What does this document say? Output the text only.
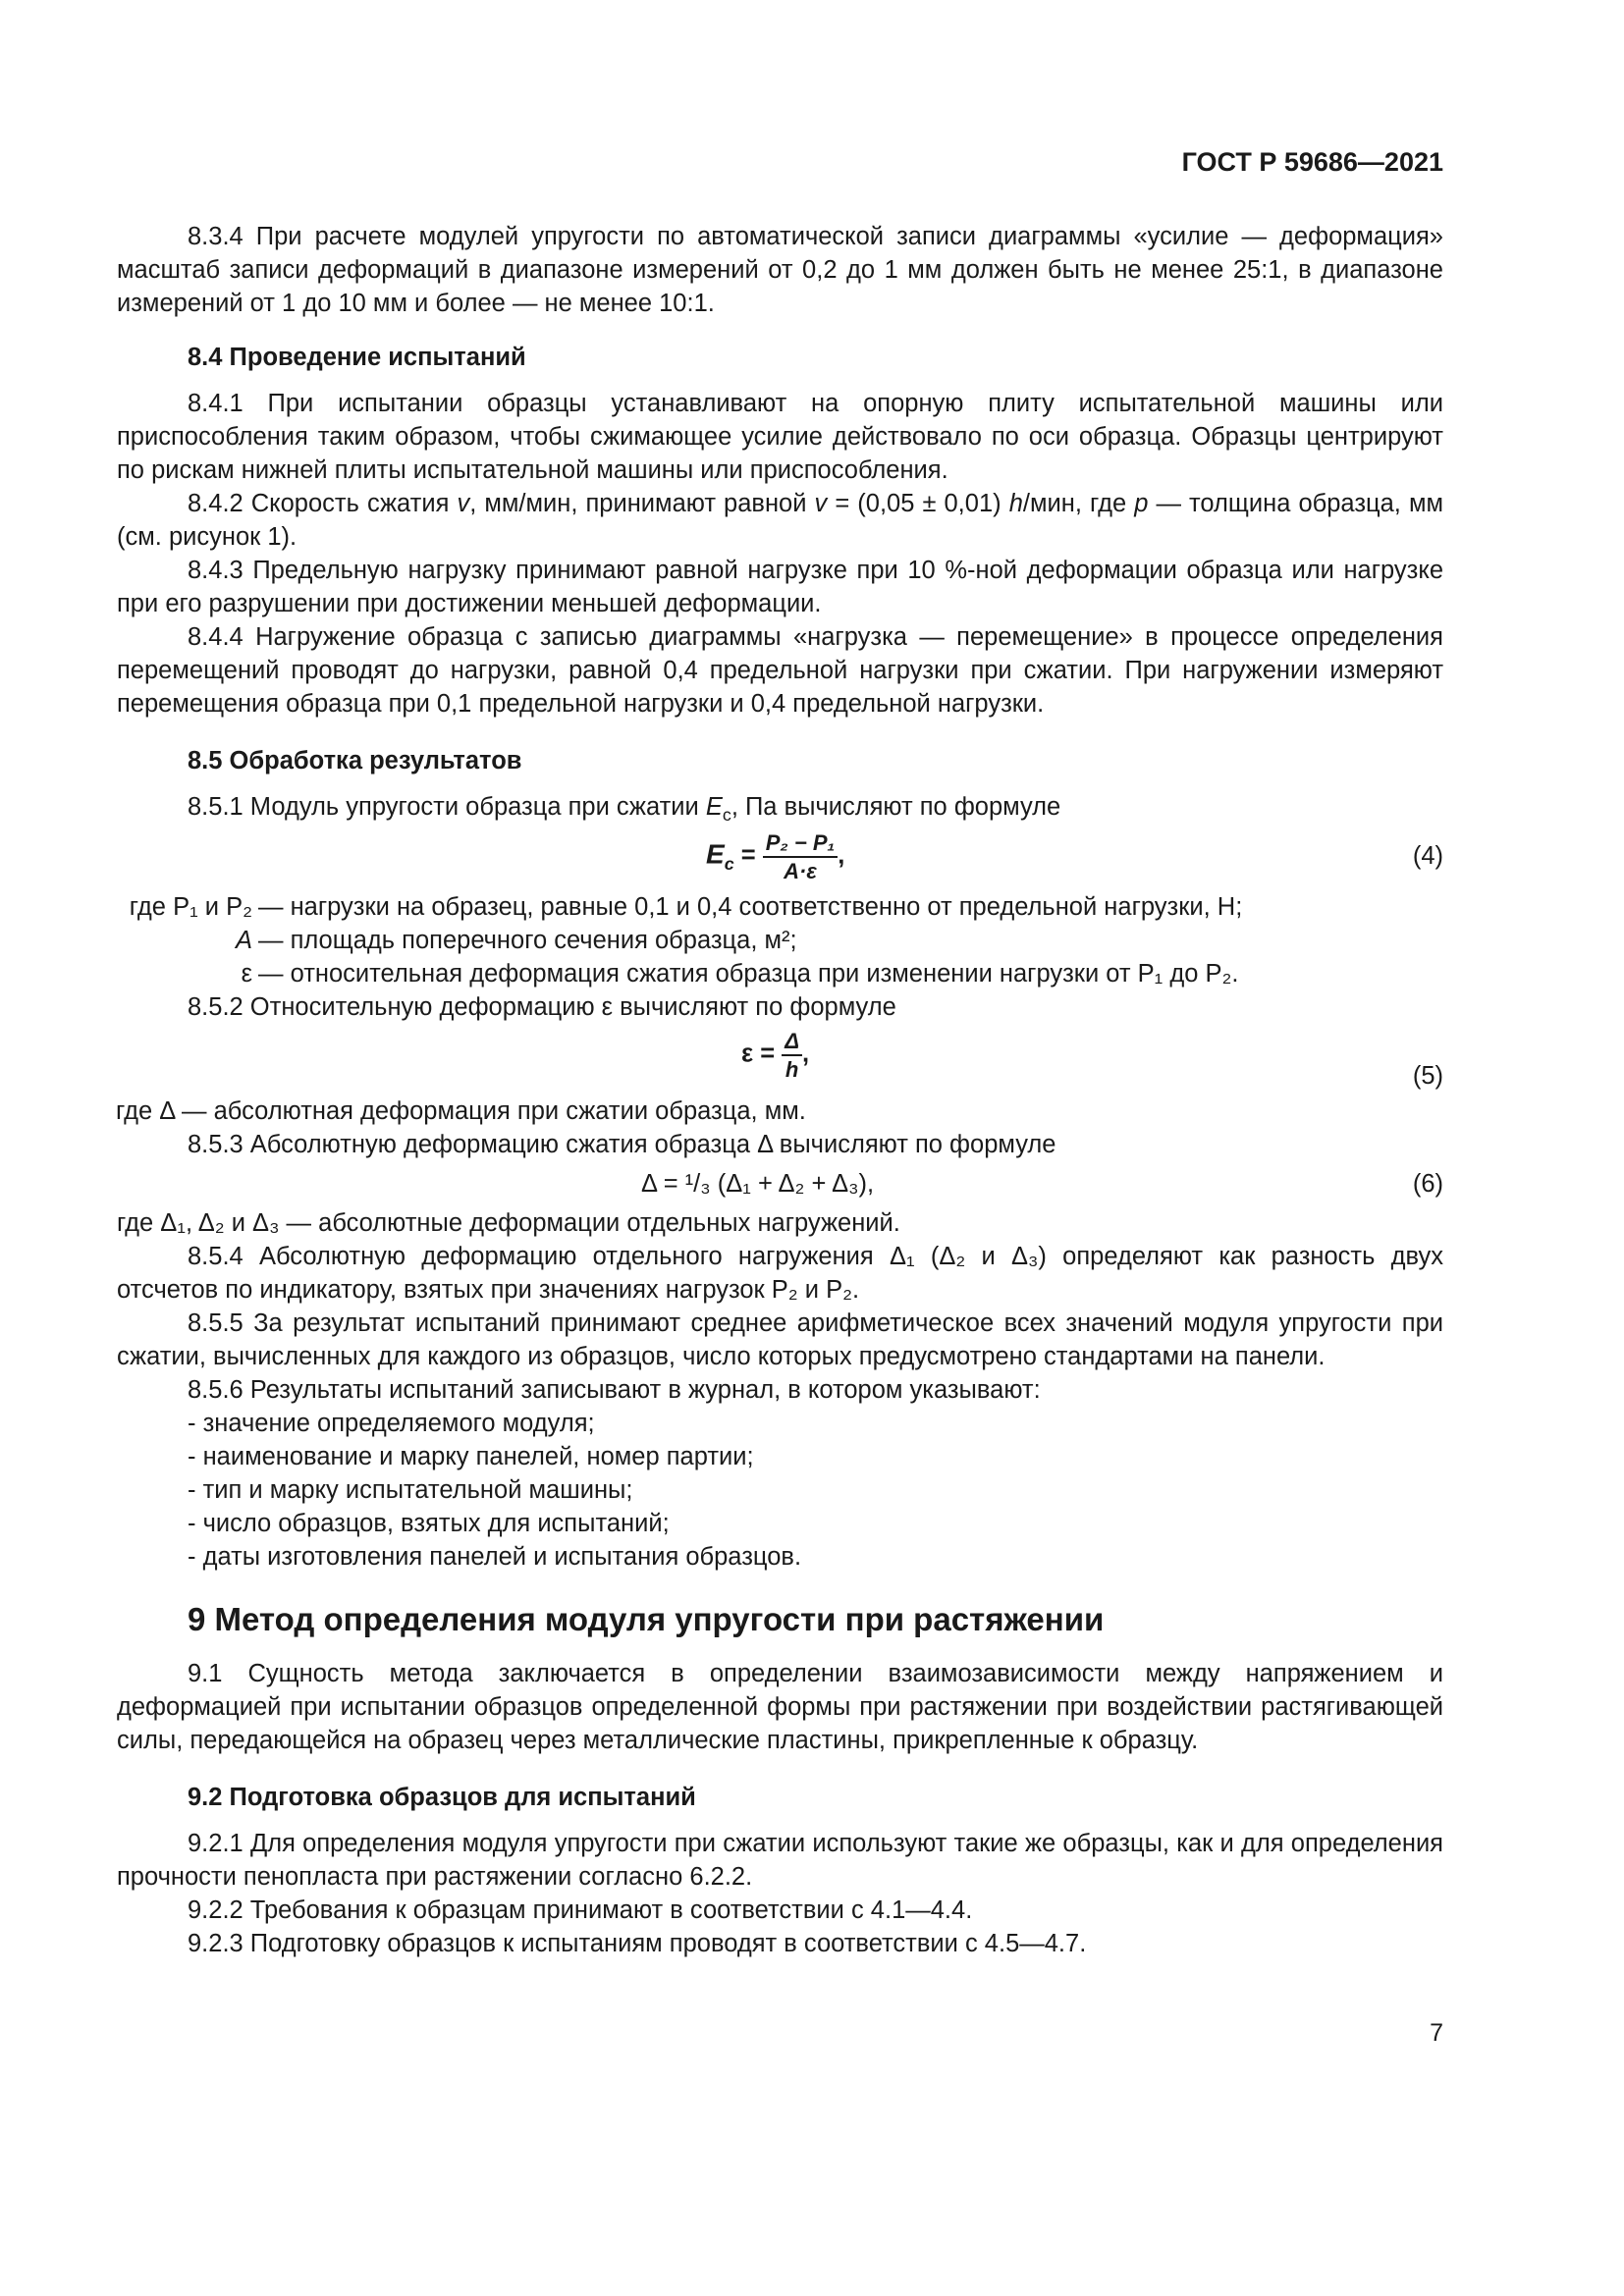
ГОСТ Р 59686—2021

8.3.4 При расчете модулей упругости по автоматической записи диаграммы «усилие — деформация» масштаб записи деформаций в диапазоне измерений от 0,2 до 1 мм должен быть не менее 25:1, в диапазоне измерений от 1 до 10 мм и более — не менее 10:1.

8.4 Проведение испытаний

8.4.1 При испытании образцы устанавливают на опорную плиту испытательной машины или приспособления таким образом, чтобы сжимающее усилие действовало по оси образца. Образцы центрируют по рискам нижней плиты испытательной машины или приспособления.

8.4.2 Скорость сжатия v, мм/мин, принимают равной v = (0,05 ± 0,01) h/мин, где p — толщина образца, мм (см. рисунок 1).

8.4.3 Предельную нагрузку принимают равной нагрузке при 10 %-ной деформации образца или нагрузке при его разрушении при достижении меньшей деформации.

8.4.4 Нагружение образца с записью диаграммы «нагрузка — перемещение» в процессе определения перемещений проводят до нагрузки, равной 0,4 предельной нагрузки при сжатии. При нагружении измеряют перемещения образца при 0,1 предельной нагрузки и 0,4 предельной нагрузки.

8.5 Обработка результатов

8.5.1 Модуль упругости образца при сжатии $E_с$, Па вычисляют по формуле

$E_c = \frac{\text{P₂ − P₁}}{A\cdot\varepsilon}$ ,	(4)
где P₁ и P₂ — нагрузки на образец, равные 0,1 и 0,4 соответственно от предельной нагрузки, Н;
A — площадь поперечного сечения образца, м²;
ε — относительная деформация сжатия образца при изменении нагрузки от P₁ до P₂.

8.5.2 Относительную деформацию ε вычисляют по формуле

$\varepsilon = \frac{\Delta}{h}$ ,
(5)

где Δ — абсолютная деформация при сжатии образца, мм.

8.5.3 Абсолютную деформацию сжатия образца Δ вычисляют по формуле

Δ = ¹/₃ (Δ₁ + Δ₂ + Δ₃),	(6)

где Δ₁, Δ₂ и Δ₃ — абсолютные деформации отдельных нагружений.

8.5.4 Абсолютную деформацию отдельного нагружения Δ₁ (Δ₂ и Δ₃) определяют как разность двух отсчетов по индикатору, взятых при значениях нагрузок P₂ и P₂.

8.5.5 За результат испытаний принимают среднее арифметическое всех значений модуля упругости при сжатии, вычисленных для каждого из образцов, число которых предусмотрено стандартами на панели.

8.5.6 Результаты испытаний записывают в журнал, в котором указывают:

- значение определяемого модуля;

- наименование и марку панелей, номер партии;

- тип и марку испытательной машины;

- число образцов, взятых для испытаний;

- даты изготовления панелей и испытания образцов.

9 Метод определения модуля упругости при растяжении

9.1 Сущность метода заключается в определении взаимозависимости между напряжением и деформацией при испытании образцов определенной формы при растяжении при воздействии растягивающей силы, передающейся на образец через металлические пластины, прикрепленные к образцу.

9.2 Подготовка образцов для испытаний

9.2.1 Для определения модуля упругости при сжатии используют такие же образцы, как и для определения прочности пенопласта при растяжении согласно 6.2.2.

9.2.2 Требования к образцам принимают в соответствии с 4.1—4.4.

9.2.3 Подготовку образцов к испытаниям проводят в соответствии с 4.5—4.7.

7
